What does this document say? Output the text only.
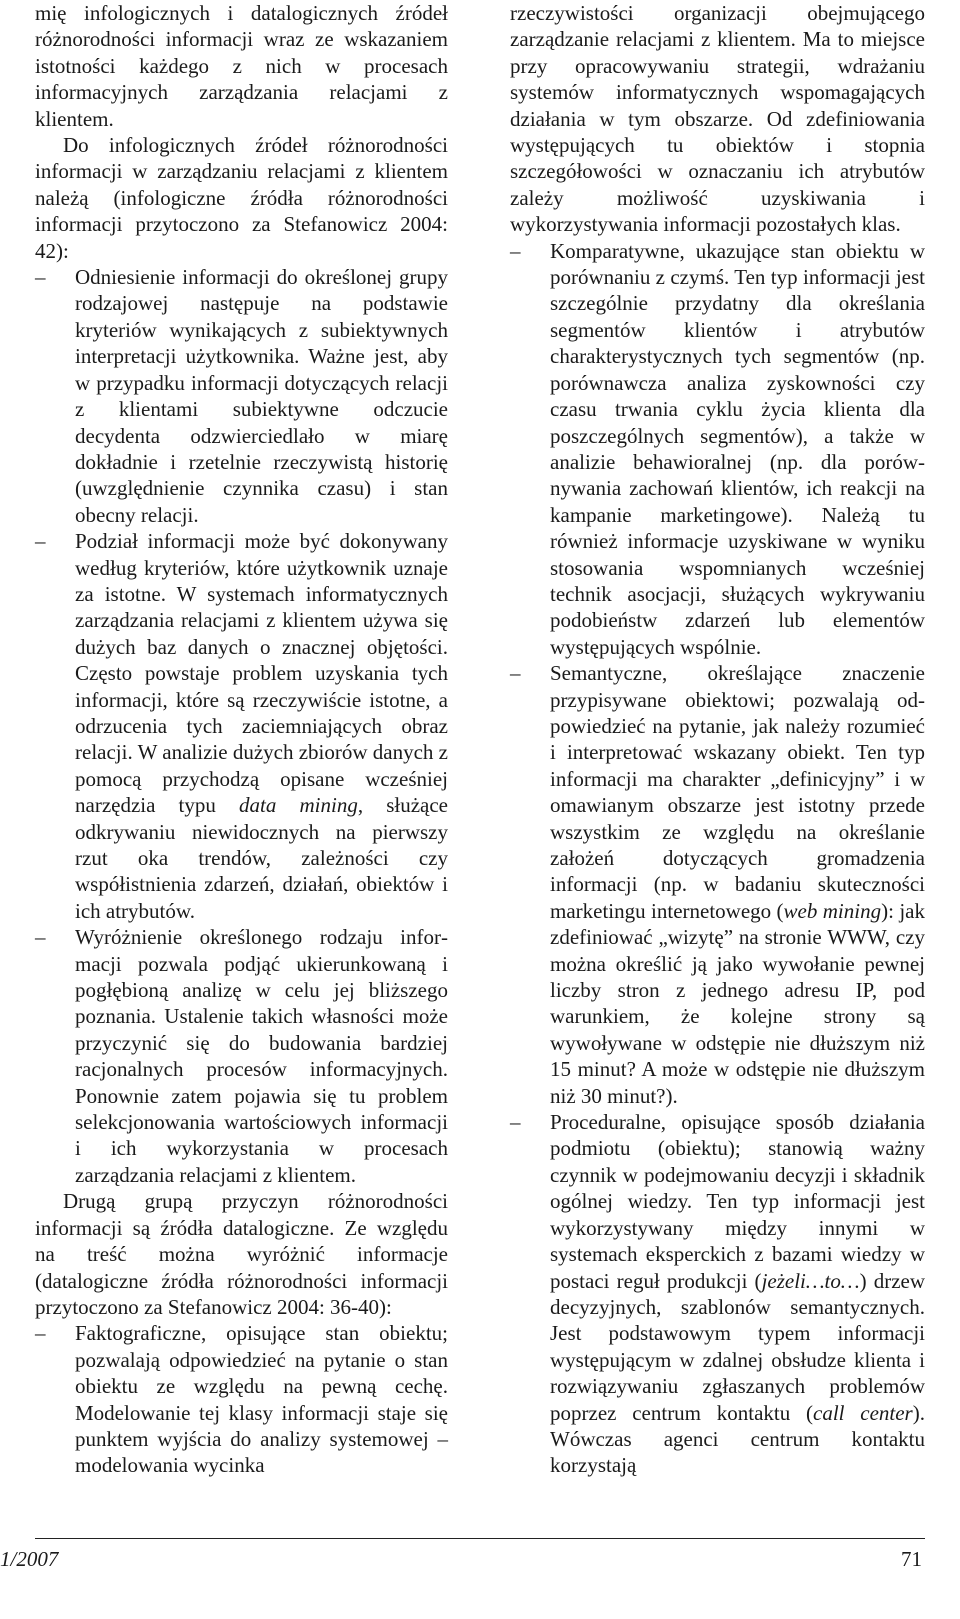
mię infologicznych i datalogicznych źródeł różnorodności informacji wraz ze wskazaniem istotności każdego z nich w procesach informacyjnych zarządzania relacjami z klientem.

Do infologicznych źródeł różnorodności informacji w zarządzaniu relacjami z klientem należą (infologiczne źródła różnorodności informacji przytoczono za Stefanowicz 2004: 42):

–	Odniesienie informacji do określonej grupy rodzajowej następuje na podstawie kryteriów wynikających z subiektywnych interpretacji użytkownika. Ważne jest, aby w przypadku informacji dotyczących relacji z klientami subiektywne odczucie decydenta odzwierciedlało w miarę dokładnie i rzetelnie rzeczywistą historię (uwzględnienie czynnika czasu) i stan obecny relacji.

–	Podział informacji może być dokonywany według kryteriów, które użytkownik uznaje za istotne. W systemach informatycznych zarządzania relacjami z klientem używa się dużych baz danych o znacznej objętości. Często powstaje problem uzyskania tych informacji, które są rzeczywiście istotne, a odrzucenia tych zaciemniających obraz relacji. W analizie dużych zbiorów danych z pomocą przychodzą opisane wcześniej narzędzia typu data mining, służące odkrywaniu niewidocznych na pierwszy rzut oka trendów, zależności czy współistnienia zdarzeń, działań, obiektów i ich atrybutów.

–	Wyróżnienie określonego rodzaju informacji pozwala podjąć ukierunkowaną i pogłębioną analizę w celu jej bliższego poznania. Ustalenie takich własności może przyczynić się do budowania bardziej racjonalnych procesów informacyjnych. Ponownie zatem pojawia się tu problem selekcjonowania wartościowych informacji i ich wykorzystania w procesach zarządzania relacjami z klientem.

Drugą grupą przyczyn różnorodności informacji są źródła datalogiczne. Ze względu na treść można wyróżnić informacje (datalogiczne źródła różnorodności informacji przytoczono za Stefanowicz 2004: 36-40):

–	Faktograficzne, opisujące stan obiektu; pozwalają odpowiedzieć na pytanie o stan obiektu ze względu na pewną cechę. Modelowanie tej klasy informacji staje się punktem wyjścia do analizy systemowej – modelowania wycinka

rzeczywistości organizacji obejmującego zarządzanie relacjami z klientem. Ma to miejsce przy opracowywaniu strategii, wdrażaniu systemów informatycznych wspomagających działania w tym obszarze. Od zdefiniowania występujących tu obiektów i stopnia szczegółowości w oznaczaniu ich atrybutów zależy możliwość uzyskiwania i wykorzystywania informacji pozostałych klas.

–	Komparatywne, ukazujące stan obiektu w porównaniu z czymś. Ten typ informacji jest szczególnie przydatny dla określania segmentów klientów i atrybutów charakterystycznych tych segmentów (np. porównawcza analiza zyskowności czy czasu trwania cyklu życia klienta dla poszczególnych segmentów), a także w analizie behawioralnej (np. dla porównywania zachowań klientów, ich reakcji na kampanie marketingowe). Należą tu również informacje uzyskiwane w wyniku stosowania wspomnianych wcześniej technik asocjacji, służących wykrywaniu podobieństw zdarzeń lub elementów występujących wspólnie.

–	Semantyczne, określające znaczenie przypisywane obiektowi; pozwalają odpowiedzieć na pytanie, jak należy rozumieć i interpretować wskazany obiekt. Ten typ informacji ma charakter „definicyjny” i w omawianym obszarze jest istotny przede wszystkim ze względu na określanie założeń dotyczących gromadzenia informacji (np. w badaniu skuteczności marketingu internetowego (web mining): jak zdefiniować „wizytę” na stronie WWW, czy można określić ją jako wywołanie pewnej liczby stron z jednego adresu IP, pod warunkiem, że kolejne strony są wywoływane w odstępie nie dłuższym niż 15 minut? A może w odstępie nie dłuższym niż 30 minut?).

–	Proceduralne, opisujące sposób działania podmiotu (obiektu); stanowią ważny czynnik w podejmowaniu decyzji i składnik ogólnej wiedzy. Ten typ informacji jest wykorzystywany między innymi w systemach eksperckich z bazami wiedzy w postaci reguł produkcji (jeżeli…to…) drzew decyzyjnych, szablonów semantycznych. Jest podstawowym typem informacji występującym w zdalnej obsłudze klienta i rozwiązywaniu zgłaszanych problemów poprzez centrum kontaktu (call center). Wówczas agenci centrum kontaktu korzystają

1/2007	71
